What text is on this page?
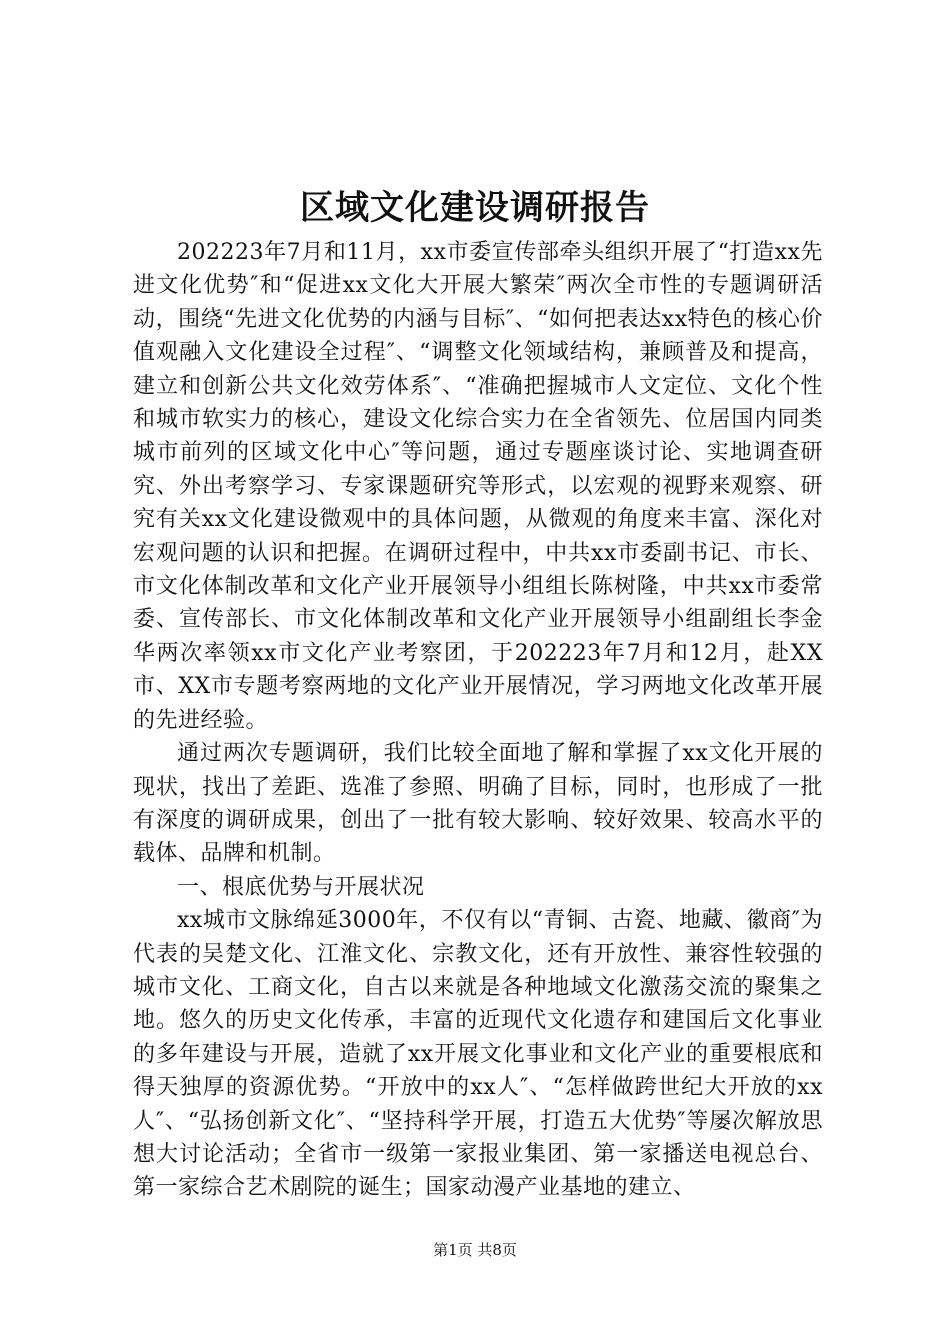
区域文化建设调研报告

202223年7月和11月，xx市委宣传部牵头组织开展了“打造xx先进文化优势″和“促进xx文化大开展大繁荣″两次全市性的专题调研活动，围绕“先进文化优势的内涵与目标″、“如何把表达xx特色的核心价值观融入文化建设全过程″、“调整文化领域结构，兼顾普及和提高，建立和创新公共文化效劳体系″、“准确把握城市人文定位、文化个性和城市软实力的核心，建设文化综合实力在全省领先、位居国内同类城市前列的区域文化中心″等问题，通过专题座谈讨论、实地调查研究、外出考察学习、专家课题研究等形式，以宏观的视野来观察、研究有关xx文化建设微观中的具体问题，从微观的角度来丰富、深化对宏观问题的认识和把握。在调研过程中，中共xx市委副书记、市长、市文化体制改革和文化产业开展领导小组组长陈树隆，中共xx市委常委、宣传部长、市文化体制改革和文化产业开展领导小组副组长李金华两次率领xx市文化产业考察团，于202223年7月和12月，赴XX市、XX市专题考察两地的文化产业开展情况，学习两地文化改革开展的先进经验。

通过两次专题调研，我们比较全面地了解和掌握了xx文化开展的现状，找出了差距、选准了参照、明确了目标，同时，也形成了一批有深度的调研成果，创出了一批有较大影响、较好效果、较高水平的载体、品牌和机制。

一、根底优势与开展状况

xx城市文脉绵延3000年，不仅有以“青铜、古瓷、地藏、徽商″为代表的吴楚文化、江淮文化、宗教文化，还有开放性、兼容性较强的城市文化、工商文化，自古以来就是各种地域文化激荡交流的聚集之地。悠久的历史文化传承，丰富的近现代文化遗存和建国后文化事业的多年建设与开展，造就了xx开展文化事业和文化产业的重要根底和得天独厚的资源优势。“开放中的xx人″、“怎样做跨世纪大开放的xx人″、“弘扬创新文化″、“坚持科学开展，打造五大优势″等屡次解放思想大讨论活动；全省市一级第一家报业集团、第一家播送电视总台、第一家综合艺术剧院的诞生；国家动漫产业基地的建立、

第1页 共8页
